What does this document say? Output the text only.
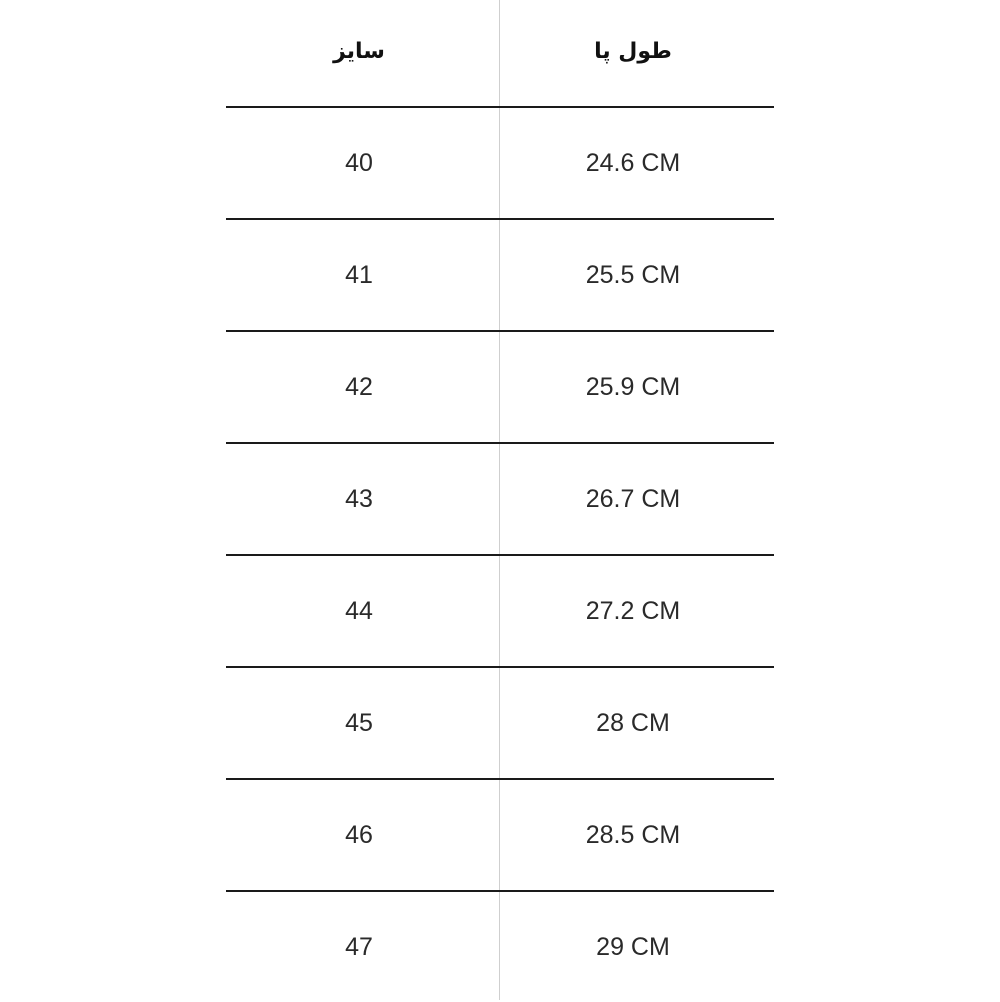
سایز	طول پا
40	24.6 CM
41	25.5 CM
42	25.9 CM
43	26.7 CM
44	27.2 CM
45	28 CM
46	28.5 CM
47	29 CM
